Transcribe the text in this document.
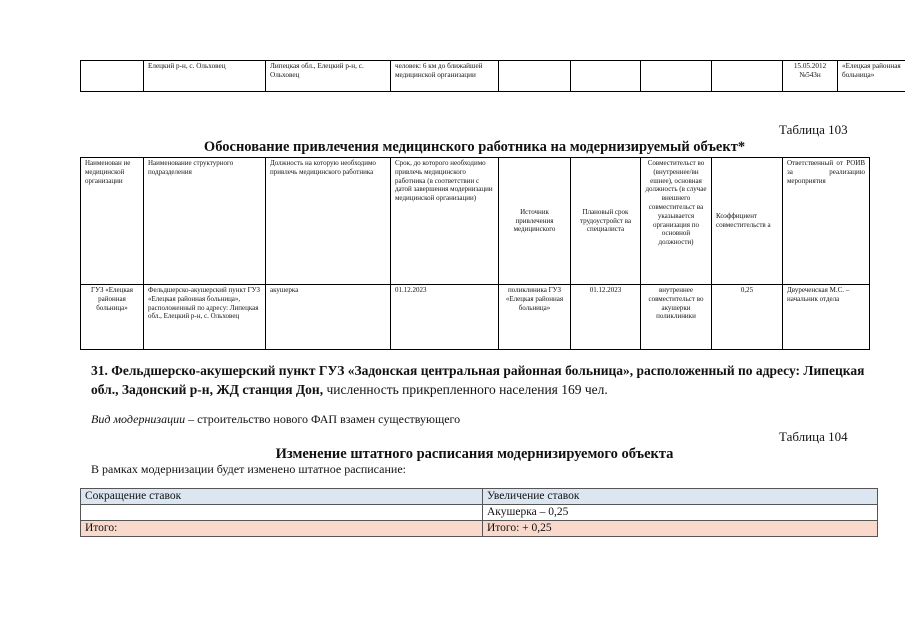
	Елецкий р-н, с. Ольховец	Липецкая обл., Елецкий р-н, с. Ольховец	человек: 6 км до ближайшей медицинской организации					15.05.2012 №543н	«Елецкая районная больница»
Таблица 103
Обоснование привлечения медицинского работника на модернизируемый объект*
Наименован ие медицинской организации	Наименование структурного подразделения	Должность на которую необходимо привлечь медицинского работника	Срок, до которого необходимо привлечь медицинского работника (в соответствии с датой завершения модернизации медицинской организации)	Источник привлечения медицинского	Плановый срок трудоустройст ва специалиста	Совместительст во (внутреннее/вн ешнее), основная должность (в случае внешнего совместительст ва указывается организация по основной должности)	Коэффициент совместительств а	Ответственный от РОИВ за реализацию мероприятия
ГУЗ «Елецкая районная больница»	Фельдшерско-акушерский пункт ГУЗ «Елецкая районная больница», расположенный по адресу: Липецкая обл., Елецкий р-н, с. Ольховец	акушерка	01.12.2023	поликлиника ГУЗ «Елецкая районная больница»	01.12.2023	внутреннее совместительст во акушерки поликлиники	0,25	Двуреченская М.С. – начальник отдела
31. Фельдшерско-акушерский пункт ГУЗ «Задонская центральная районная больница», расположенный по адресу: Липецкая обл., Задонский р-н, ЖД станция Дон, численность прикрепленного населения 169 чел.
Вид модернизации – строительство нового ФАП взамен существующего
Таблица 104
Изменение штатного расписания модернизируемого объекта
В рамках модернизации будет изменено штатное расписание:
Сокращение ставок	Увеличение ставок
	Акушерка – 0,25
Итого:	Итого: + 0,25
